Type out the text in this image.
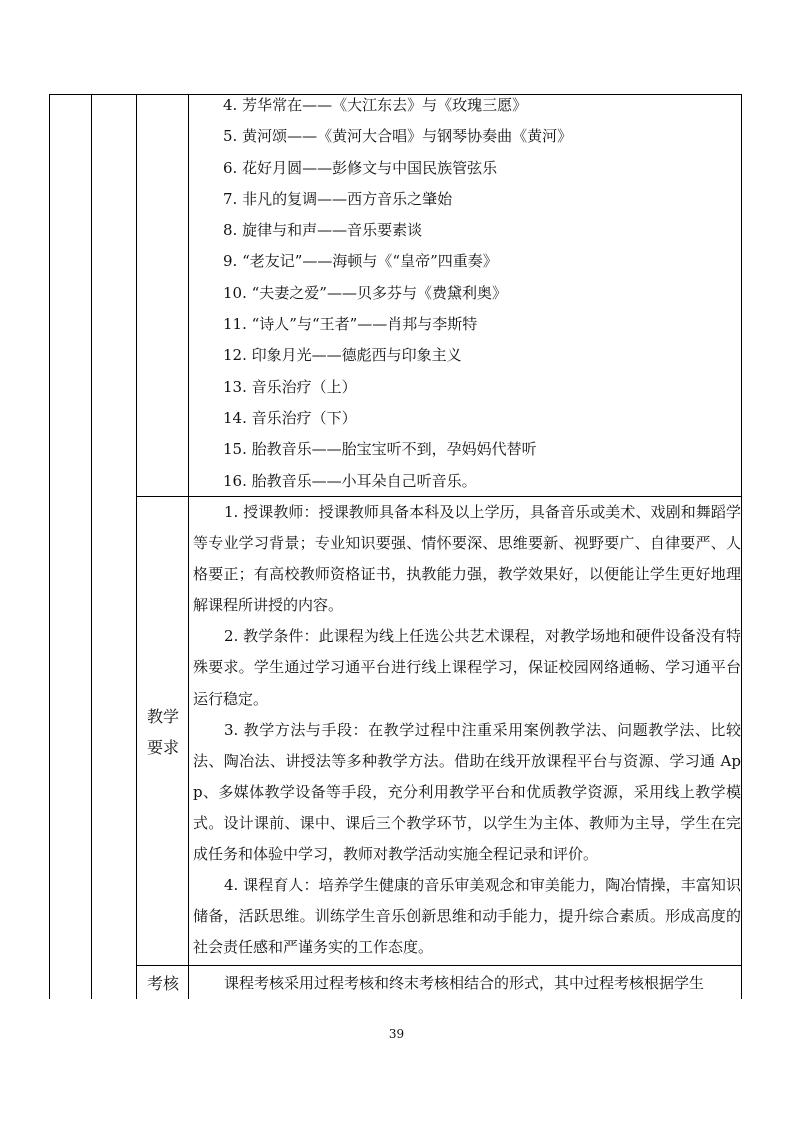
4. 芳华常在——《大江东去》与《玫瑰三愿》
5. 黄河颂——《黄河大合唱》与钢琴协奏曲《黄河》
6. 花好月圆——彭修文与中国民族管弦乐
7. 非凡的复调——西方音乐之肇始
8. 旋律与和声——音乐要素谈
9. “老友记”——海顿与《“皇帝”四重奏》
10. “夫妻之爱”——贝多芬与《费黛利奥》
11. “诗人”与“王者”——肖邦与李斯特
12. 印象月光——德彪西与印象主义
13. 音乐治疗（上）
14. 音乐治疗（下）
15. 胎教音乐——胎宝宝听不到，孕妈妈代替听
16. 胎教音乐——小耳朵自己听音乐。
教学
要求

1. 授课教师：授课教师具备本科及以上学历，具备音乐或美术、戏剧和舞蹈学等专业学习背景；专业知识要强、情怀要深、思维要新、视野要广、自律要严、人格要正；有高校教师资格证书，执教能力强，教学效果好，以便能让学生更好地理解课程所讲授的内容。

2. 教学条件：此课程为线上任选公共艺术课程，对教学场地和硬件设备没有特殊要求。学生通过学习通平台进行线上课程学习，保证校园网络通畅、学习通平台运行稳定。

3. 教学方法与手段：在教学过程中注重采用案例教学法、问题教学法、比较法、陶冶法、讲授法等多种教学方法。借助在线开放课程平台与资源、学习通 App、多媒体教学设备等手段，充分利用教学平台和优质教学资源，采用线上教学模式。设计课前、课中、课后三个教学环节，以学生为主体、教师为主导，学生在完成任务和体验中学习，教师对教学活动实施全程记录和评价。

4. 课程育人：培养学生健康的音乐审美观念和审美能力，陶冶情操，丰富知识储备，活跃思维。训练学生音乐创新思维和动手能力，提升综合素质。形成高度的社会责任感和严谨务实的工作态度。

考核	课程考核采用过程考核和终末考核相结合的形式，其中过程考核根据学生
39
